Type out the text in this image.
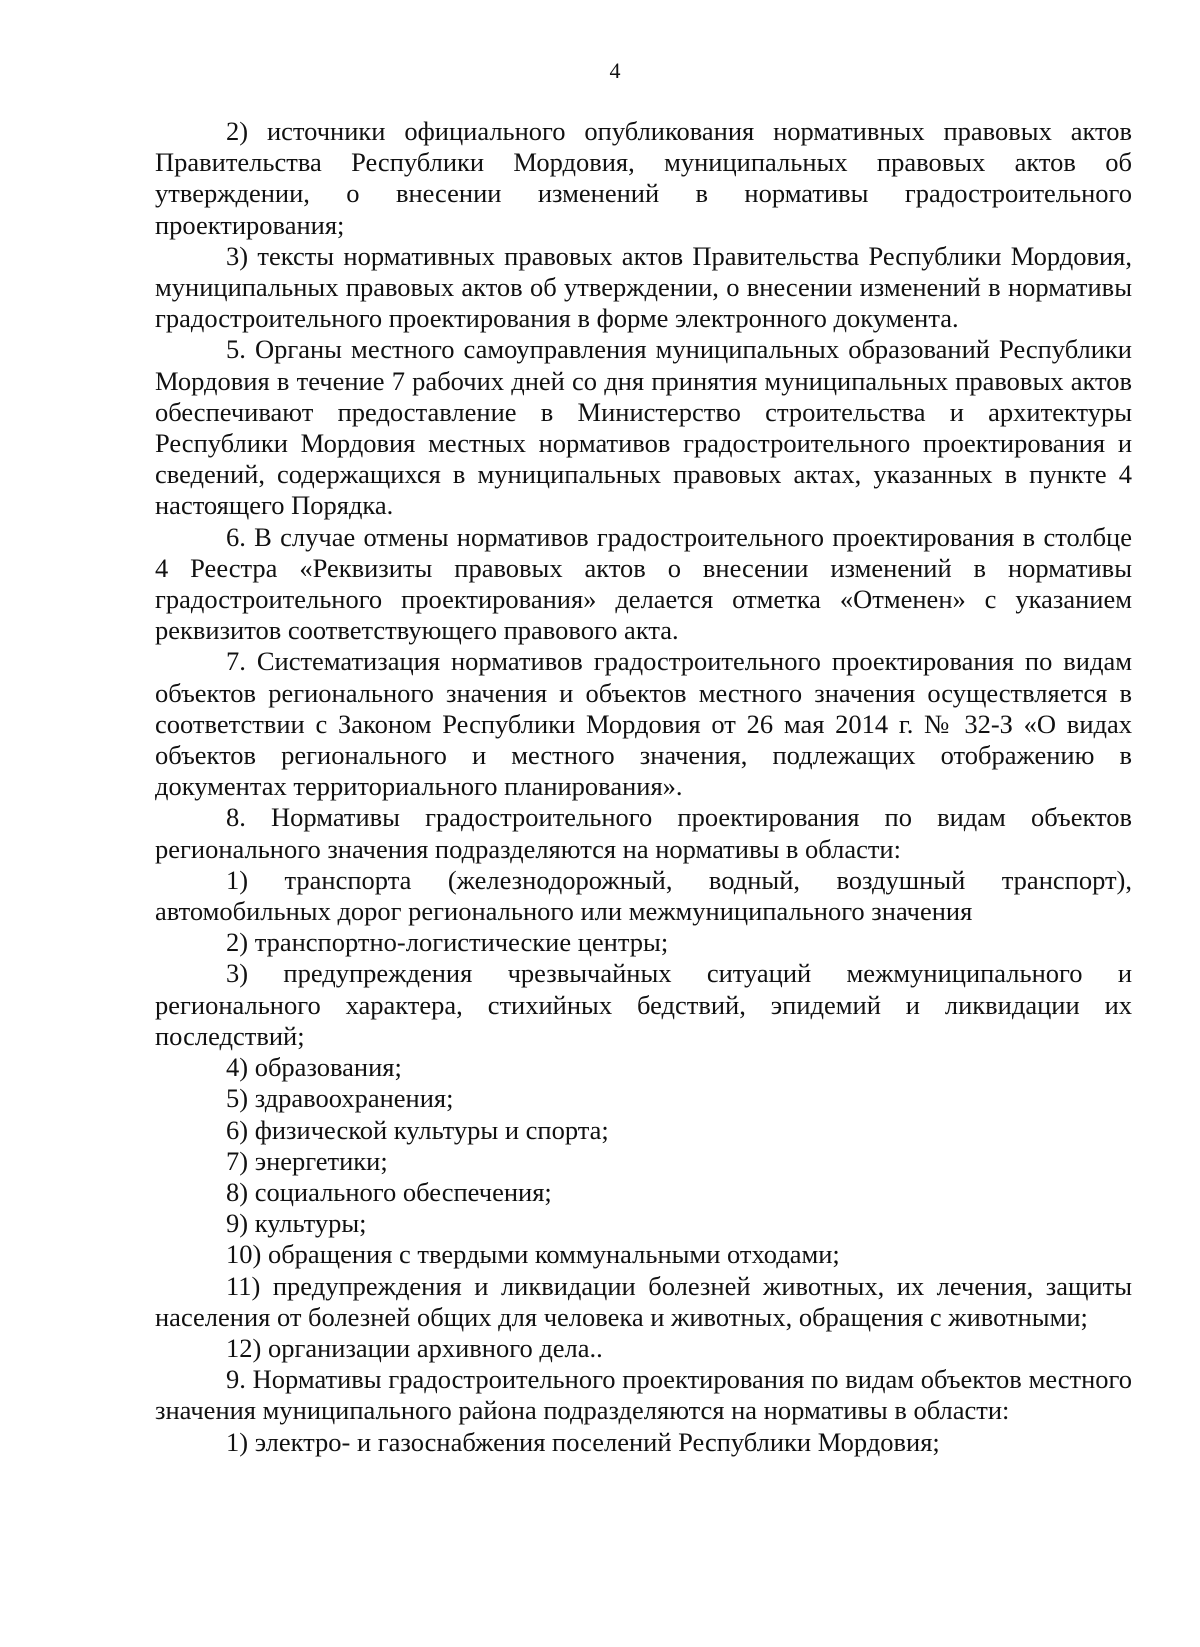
4

2) источники официального опубликования нормативных правовых актов Правительства Республики Мордовия, муниципальных правовых актов об утверждении, о внесении изменений в нормативы градостроительного проектирования;

3) тексты нормативных правовых актов Правительства Республики Мордовия, муниципальных правовых актов об утверждении, о внесении изменений в нормативы градостроительного проектирования в форме электронного документа.

5. Органы местного самоуправления муниципальных образований Республики Мордовия в течение 7 рабочих дней со дня принятия муниципальных правовых актов обеспечивают предоставление в Министерство строительства и архитектуры Республики Мордовия местных нормативов градостроительного проектирования и сведений, содержащихся в муниципальных правовых актах, указанных в пункте 4 настоящего Порядка.

6. В случае отмены нормативов градостроительного проектирования в столбце 4 Реестра «Реквизиты правовых актов о внесении изменений в нормативы градостроительного проектирования» делается отметка «Отменен» с указанием реквизитов соответствующего правового акта.

7. Систематизация нормативов градостроительного проектирования по видам объектов регионального значения и объектов местного значения осуществляется в соответствии с Законом Республики Мордовия от 26 мая 2014 г. № 32-З «О видах объектов регионального и местного значения, подлежащих отображению в документах территориального планирования».

8. Нормативы градостроительного проектирования по видам объектов регионального значения подразделяются на нормативы в области:

1) транспорта (железнодорожный, водный, воздушный транспорт), автомобильных дорог регионального или межмуниципального значения

2) транспортно-логистические центры;

3) предупреждения чрезвычайных ситуаций межмуниципального и регионального характера, стихийных бедствий, эпидемий и ликвидации их последствий;

4) образования;

5) здравоохранения;

6) физической культуры и спорта;

7) энергетики;

8) социального обеспечения;

9) культуры;

10) обращения с твердыми коммунальными отходами;

11) предупреждения и ликвидации болезней животных, их лечения, защиты населения от болезней общих для человека и животных, обращения с животными;

12) организации архивного дела..

9. Нормативы градостроительного проектирования по видам объектов местного значения муниципального района подразделяются на нормативы в области:

1) электро- и газоснабжения поселений Республики Мордовия;
